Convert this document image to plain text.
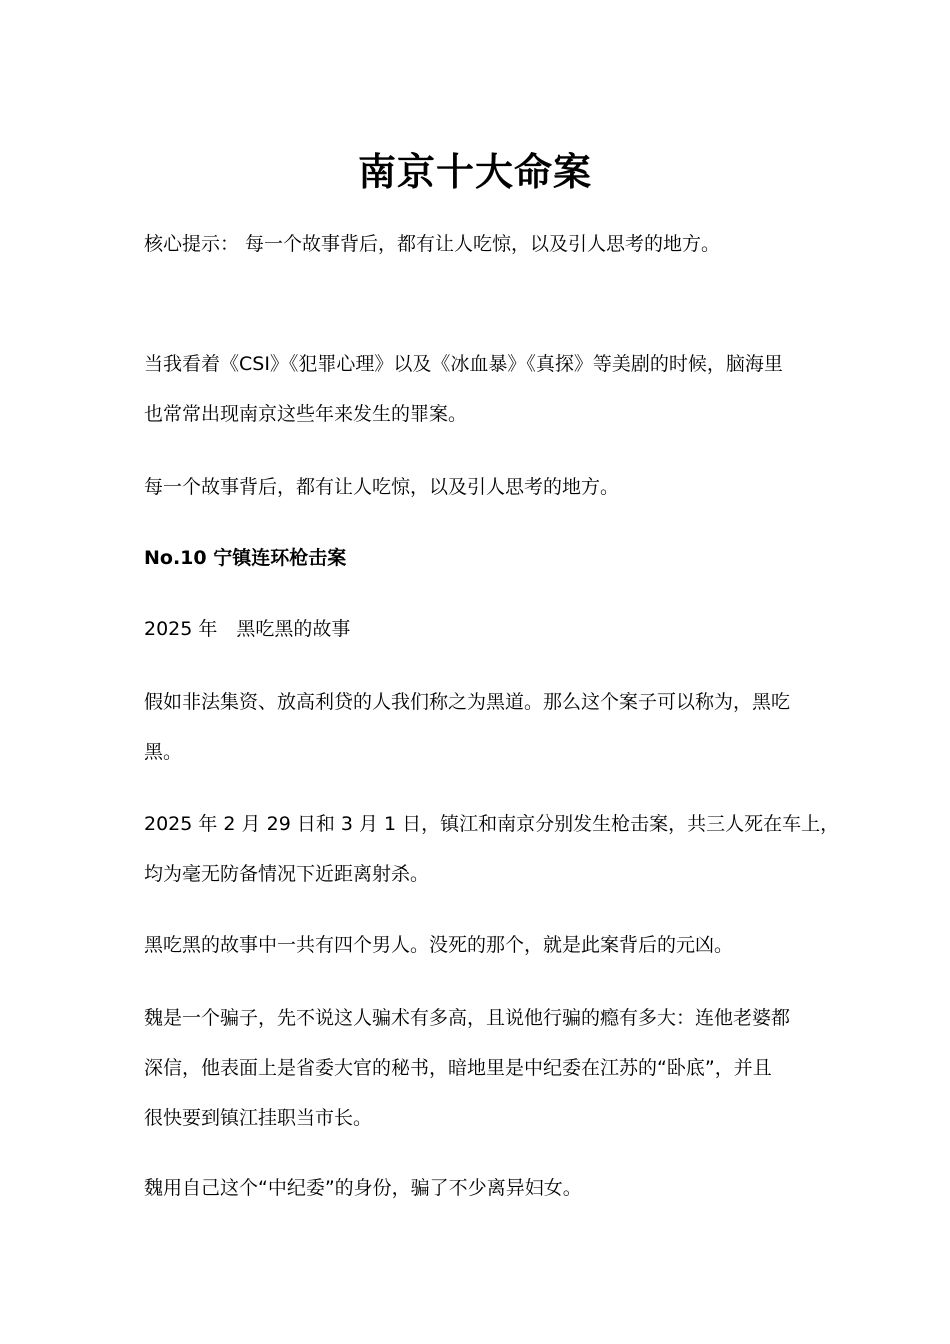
南京十大命案

核心提示： 每一个故事背后，都有让人吃惊，以及引人思考的地方。

当我看着《CSI》《犯罪心理》以及《冰血暴》《真探》等美剧的时候，脑海里
也常常出现南京这些年来发生的罪案。

每一个故事背后，都有让人吃惊，以及引人思考的地方。

No.10 宁镇连环枪击案

2025 年　黑吃黑的故事

假如非法集资、放高利贷的人我们称之为黑道。那么这个案子可以称为，黑吃
黑。

2025 年 2 月 29 日和 3 月 1 日，镇江和南京分别发生枪击案，共三人死在车上，
均为毫无防备情况下近距离射杀。

黑吃黑的故事中一共有四个男人。没死的那个，就是此案背后的元凶。

魏是一个骗子，先不说这人骗术有多高，且说他行骗的瘾有多大：连他老婆都
深信，他表面上是省委大官的秘书，暗地里是中纪委在江苏的“卧底”，并且
很快要到镇江挂职当市长。

魏用自己这个“中纪委”的身份，骗了不少离异妇女。
